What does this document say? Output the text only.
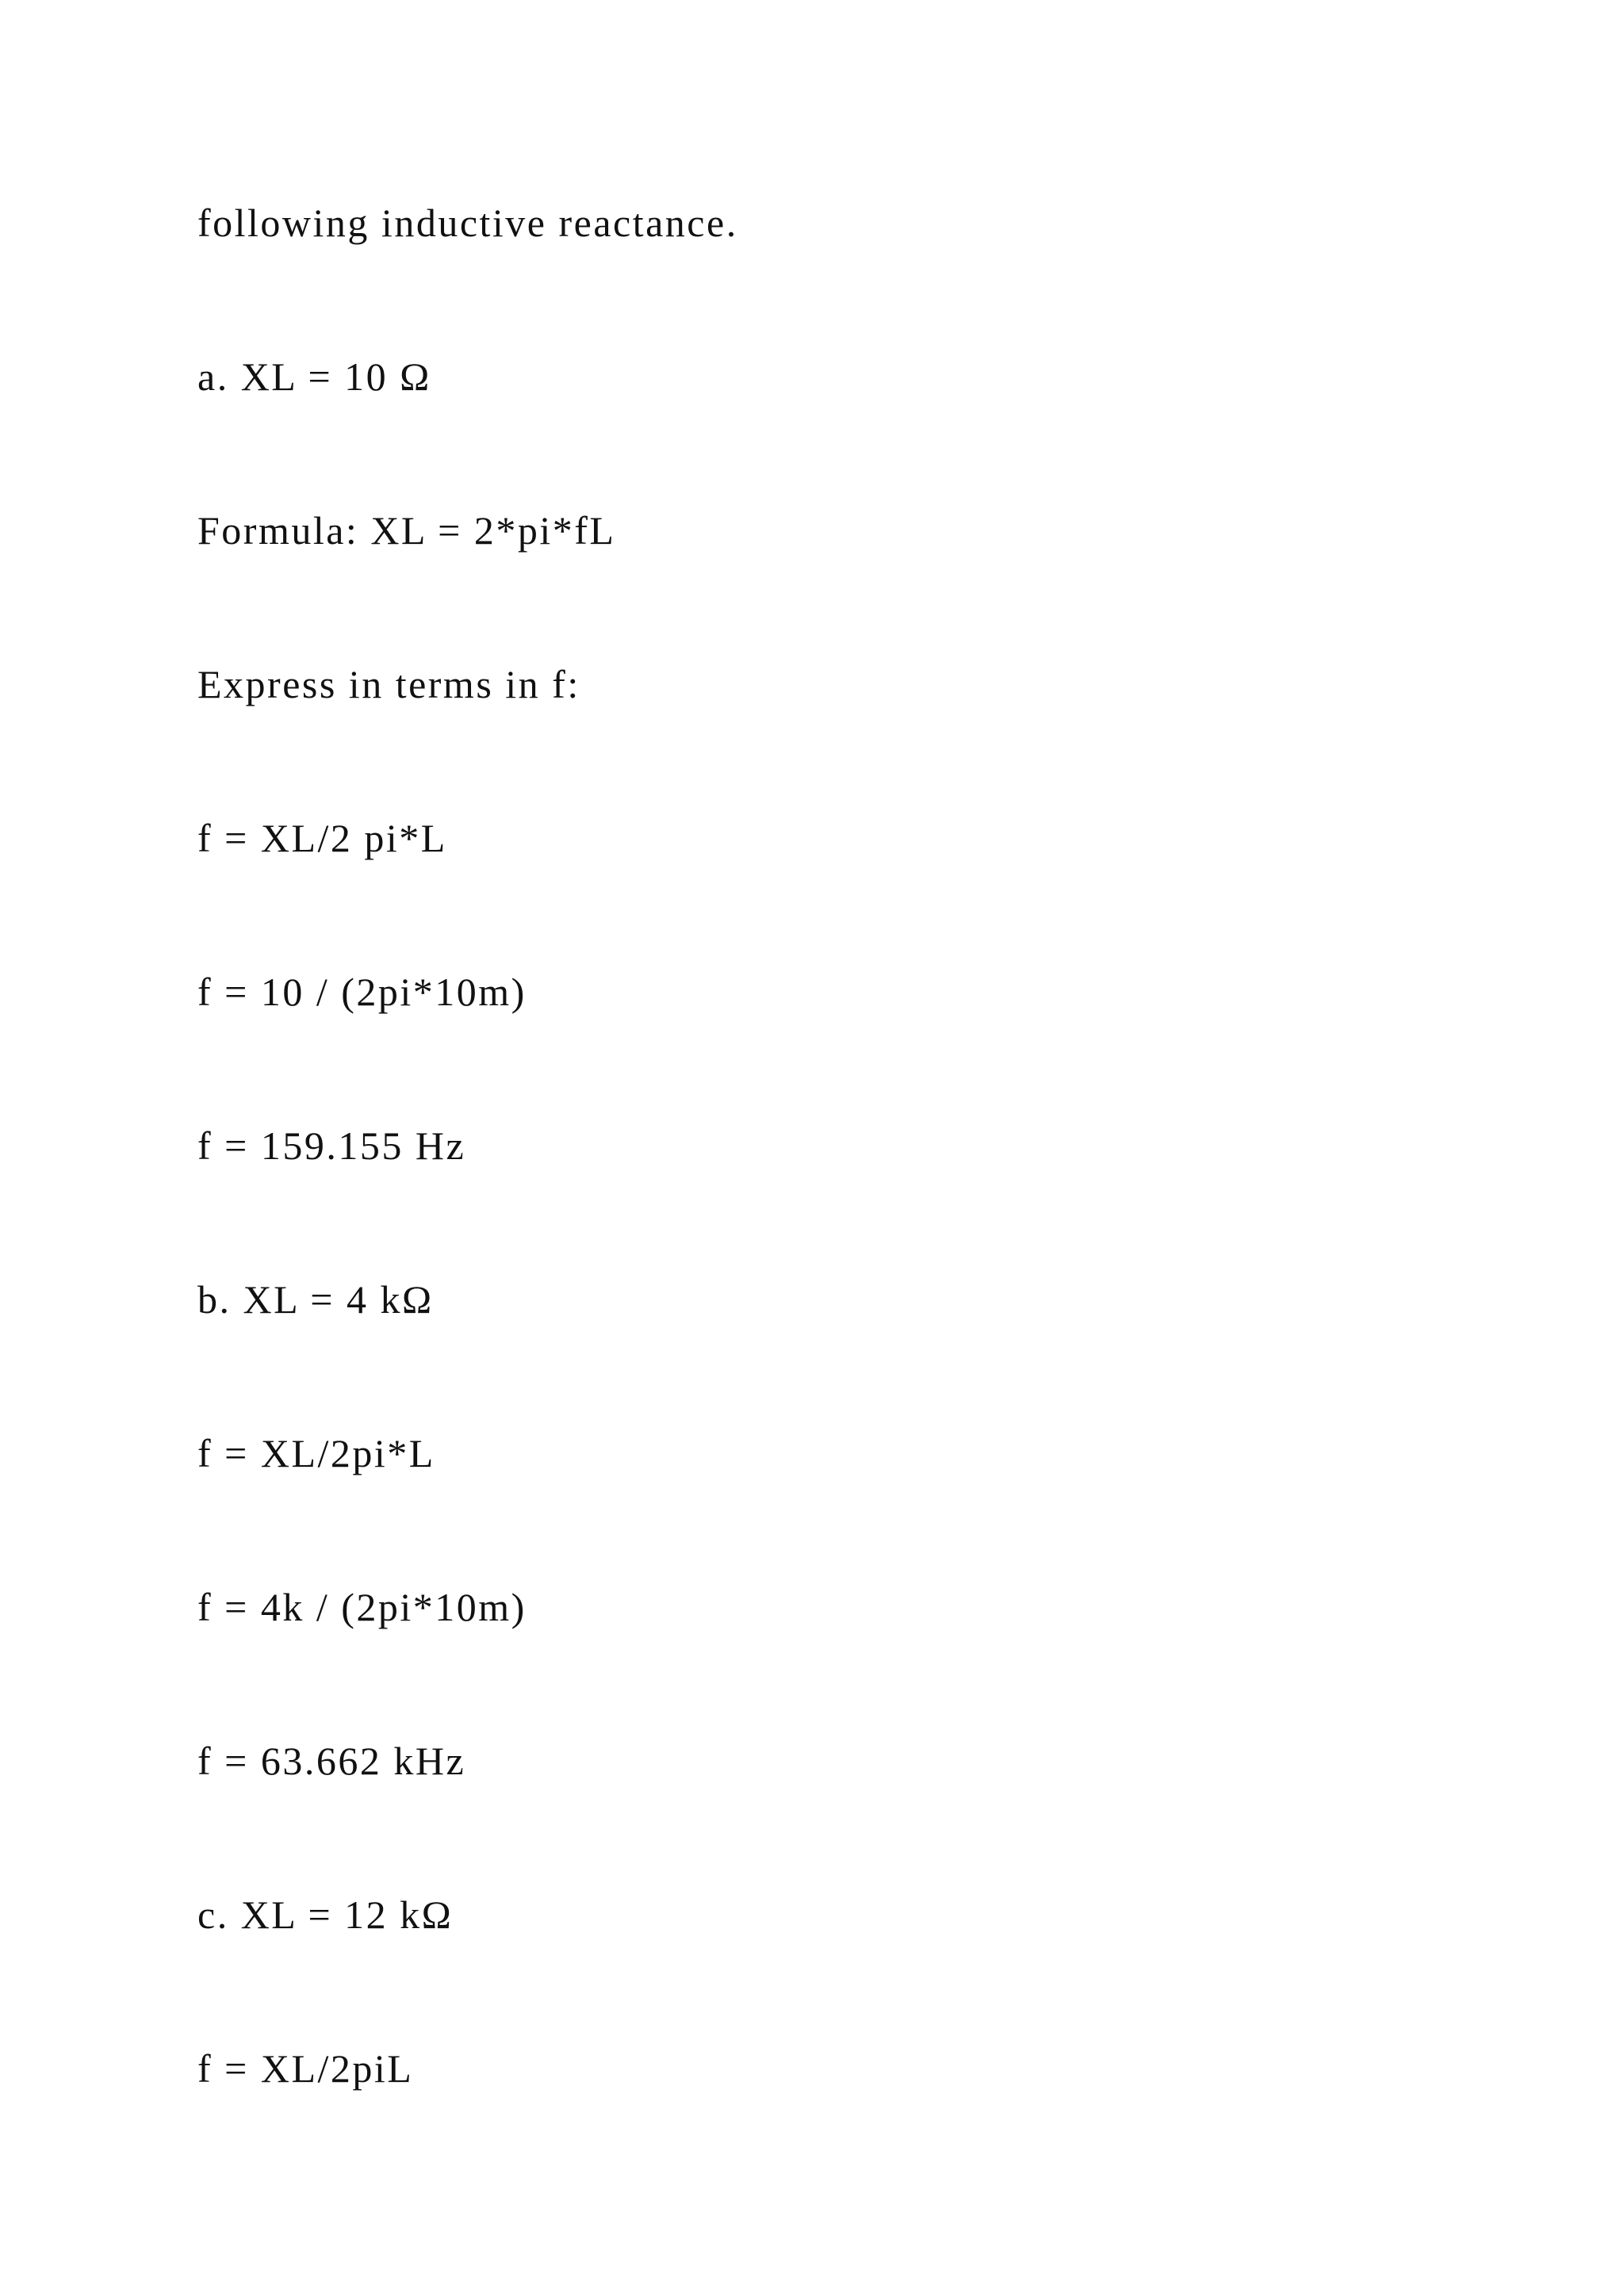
following inductive reactance.

a. XL = 10 Ω

Formula: XL = 2*pi*fL

Express in terms in f:

f = XL/2 pi*L

f = 10 / (2pi*10m)

f = 159.155 Hz

b. XL = 4 kΩ

f = XL/2pi*L

f = 4k / (2pi*10m)

f = 63.662 kHz

c. XL = 12 kΩ

f = XL/2piL
